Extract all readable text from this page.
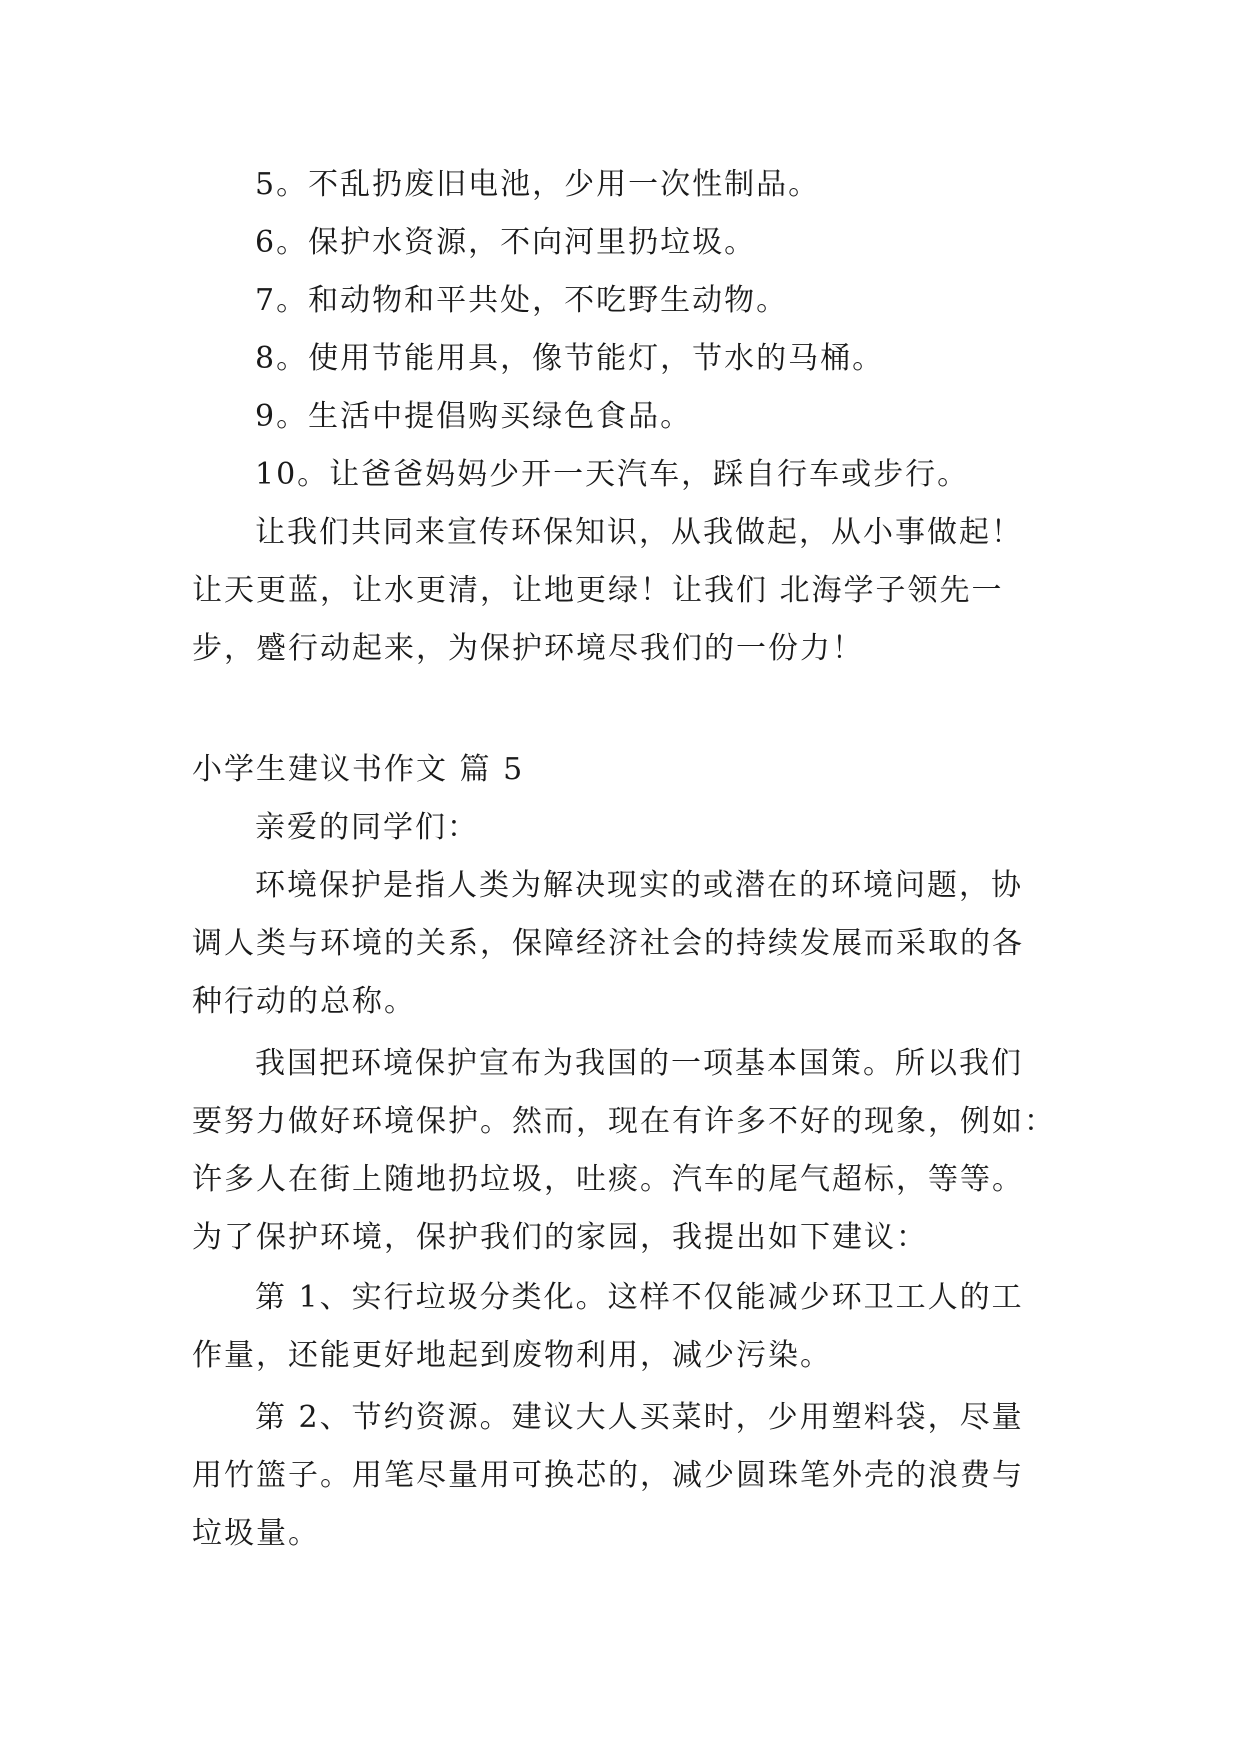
5。不乱扔废旧电池，少用一次性制品。
6。保护水资源，不向河里扔垃圾。
7。和动物和平共处，不吃野生动物。
8。使用节能用具，像节能灯，节水的马桶。
9。生活中提倡购买绿色食品。
10。让爸爸妈妈少开一天汽车，踩自行车或步行。
让我们共同来宣传环保知识，从我做起，从小事做起！
让天更蓝，让水更清，让地更绿！让我们 北海学子领先一
步，蹙行动起来，为保护环境尽我们的一份力！
小学生建议书作文 篇 5
亲爱的同学们：
环境保护是指人类为解决现实的或潜在的环境问题，协
调人类与环境的关系，保障经济社会的持续发展而采取的各
种行动的总称。
我国把环境保护宣布为我国的一项基本国策。所以我们
要努力做好环境保护。然而，现在有许多不好的现象，例如：
许多人在街上随地扔垃圾，吐痰。汽车的尾气超标，等等。
为了保护环境，保护我们的家园，我提出如下建议：
第 1、实行垃圾分类化。这样不仅能减少环卫工人的工
作量，还能更好地起到废物利用，减少污染。
第 2、节约资源。建议大人买菜时，少用塑料袋，尽量
用竹篮子。用笔尽量用可换芯的，减少圆珠笔外壳的浪费与
垃圾量。
